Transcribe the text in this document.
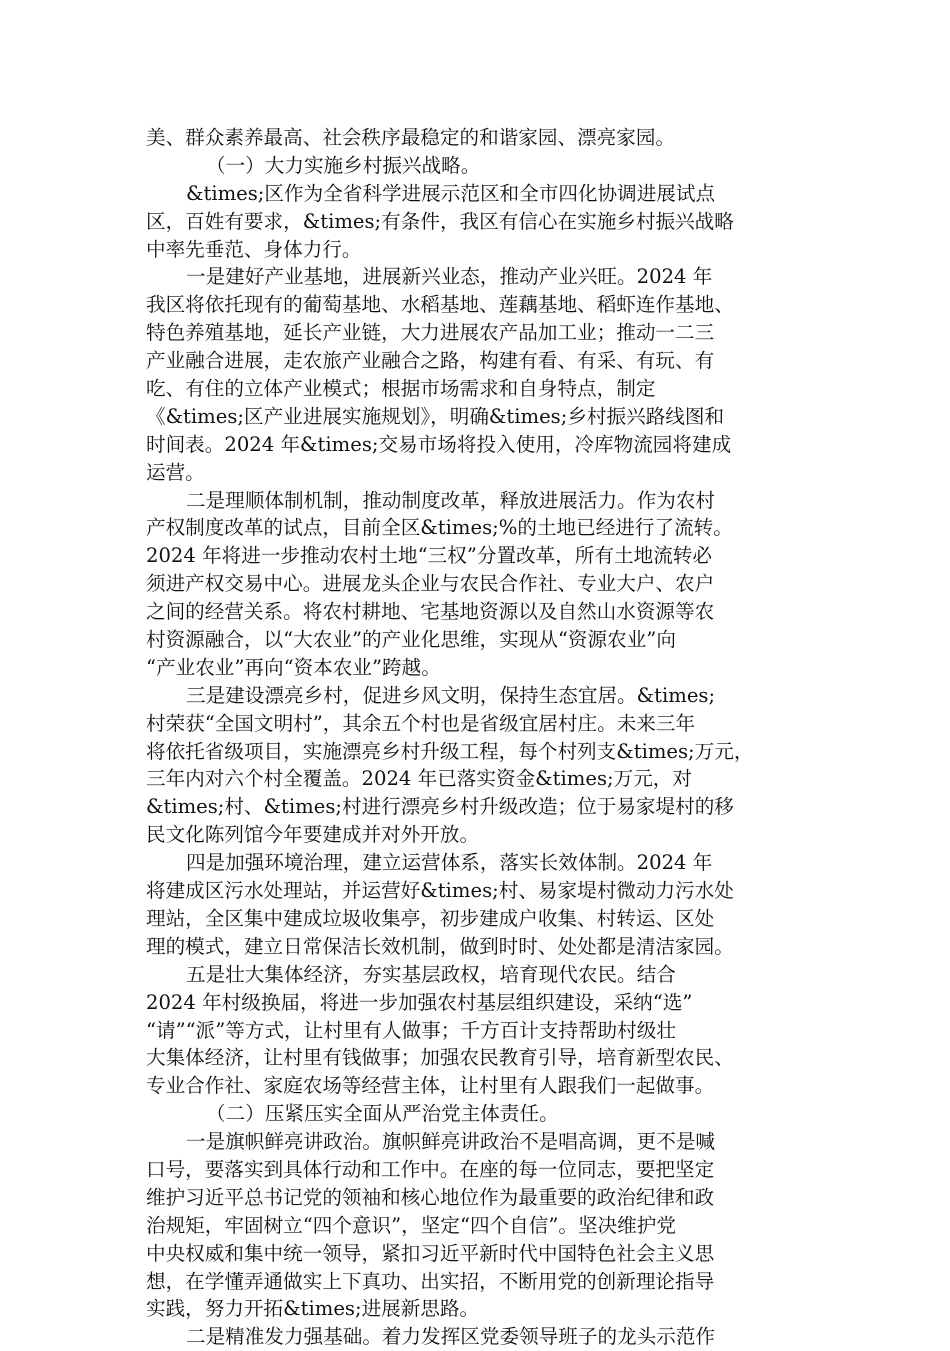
美、群众素养最高、社会秩序最稳定的和谐家园、漂亮家园。
（一）大力实施乡村振兴战略。
&times;区作为全省科学进展示范区和全市四化协调进展试点
区，百姓有要求，&times;有条件，我区有信心在实施乡村振兴战略
中率先垂范、身体力行。
一是建好产业基地，进展新兴业态，推动产业兴旺。2024 年
我区将依托现有的葡萄基地、水稻基地、莲藕基地、稻虾连作基地、
特色养殖基地，延长产业链，大力进展农产品加工业；推动一二三
产业融合进展，走农旅产业融合之路，构建有看、有采、有玩、有
吃、有住的立体产业模式；根据市场需求和自身特点，制定
《&times;区产业进展实施规划》，明确&times;乡村振兴路线图和
时间表。2024 年&times;交易市场将投入使用，冷库物流园将建成
运营。
二是理顺体制机制，推动制度改革，释放进展活力。作为农村
产权制度改革的试点，目前全区&times;%的土地已经进行了流转。
2024 年将进一步推动农村土地“三权”分置改革，所有土地流转必
须进产权交易中心。进展龙头企业与农民合作社、专业大户、农户
之间的经营关系。将农村耕地、宅基地资源以及自然山水资源等农
村资源融合，以“大农业”的产业化思维，实现从“资源农业”向
“产业农业”再向“资本农业”跨越。
三是建设漂亮乡村，促进乡风文明，保持生态宜居。&times;
村荣获“全国文明村”，其余五个村也是省级宜居村庄。未来三年
将依托省级项目，实施漂亮乡村升级工程，每个村列支&times;万元，
三年内对六个村全覆盖。2024 年已落实资金&times;万元，对
&times;村、&times;村进行漂亮乡村升级改造；位于易家堤村的移
民文化陈列馆今年要建成并对外开放。
四是加强环境治理，建立运营体系，落实长效体制。2024 年
将建成区污水处理站，并运营好&times;村、易家堤村微动力污水处
理站，全区集中建成垃圾收集亭，初步建成户收集、村转运、区处
理的模式，建立日常保洁长效机制，做到时时、处处都是清洁家园。
五是壮大集体经济，夯实基层政权，培育现代农民。结合
2024 年村级换届，将进一步加强农村基层组织建设，采纳“选”
“请”“派”等方式，让村里有人做事；千方百计支持帮助村级壮
大集体经济，让村里有钱做事；加强农民教育引导，培育新型农民、
专业合作社、家庭农场等经营主体，让村里有人跟我们一起做事。
（二）压紧压实全面从严治党主体责任。
一是旗帜鲜亮讲政治。旗帜鲜亮讲政治不是唱高调，更不是喊
口号，要落实到具体行动和工作中。在座的每一位同志，要把坚定
维护习近平总书记党的领袖和核心地位作为最重要的政治纪律和政
治规矩，牢固树立“四个意识”，坚定“四个自信”。坚决维护党
中央权威和集中统一领导，紧扣习近平新时代中国特色社会主义思
想，在学懂弄通做实上下真功、出实招，不断用党的创新理论指导
实践，努力开拓&times;进展新思路。
二是精准发力强基础。着力发挥区党委领导班子的龙头示范作
